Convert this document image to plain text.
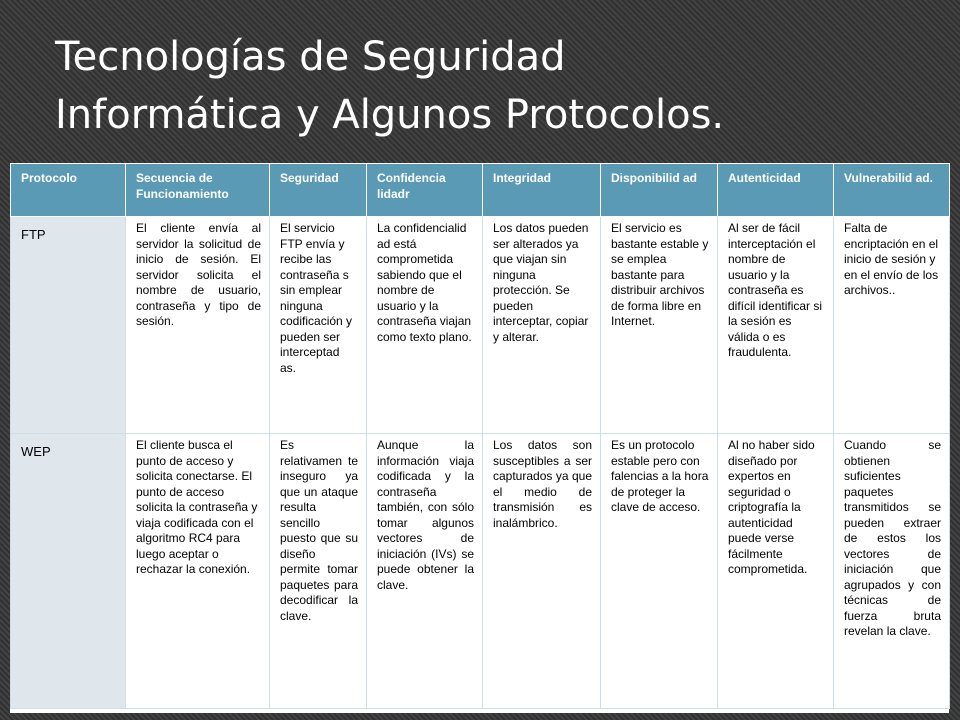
Tecnologías de Seguridad
Informática y Algunos Protocolos.
Protocolo	Secuencia de Funcionamiento	Seguridad	Confidencia lidadr	Integridad	Disponibilid ad	Autenticidad	Vulnerabilid ad.
FTP	El cliente envía al servidor la solicitud de inicio de sesión. El servidor solicita el nombre de usuario, contraseña y tipo de sesión.	El servicio FTP envía y recibe las contraseña s sin emplear ninguna codificación y pueden ser interceptad as.	La confidencialid ad está comprometida sabiendo que el nombre de usuario y la contraseña viajan como texto plano.	Los datos pueden ser alterados ya que viajan sin ninguna protección. Se pueden interceptar, copiar y alterar.	El servicio es bastante estable y se emplea bastante para distribuir archivos de forma libre en Internet.	Al ser de fácil interceptación el nombre de usuario y la contraseña es difícil identificar si la sesión es válida o es fraudulenta.	Falta de encriptación en el inicio de sesión y en el envío de los archivos..
WEP	El cliente busca el punto de acceso y solicita conectarse. El punto de acceso solicita la contraseña y viaja codificada con el algoritmo RC4 para luego aceptar o rechazar la conexión.	Es relativamen te inseguro ya que un ataque resulta sencillo puesto que su diseño permite tomar paquetes para decodificar la clave.	Aunque la información viaja codificada y la contraseña también, con sólo tomar algunos vectores de iniciación (IVs) se puede obtener la clave.	Los datos son susceptibles a ser capturados ya que el medio de transmisión es inalámbrico.	Es un protocolo estable pero con falencias a la hora de proteger la clave de acceso.	Al no haber sido diseñado por expertos en seguridad o criptografía la autenticidad puede verse fácilmente comprometida.	Cuando se obtienen suficientes paquetes transmitidos se pueden extraer de estos los vectores de iniciación que agrupados y con técnicas de fuerza bruta revelan la clave.
